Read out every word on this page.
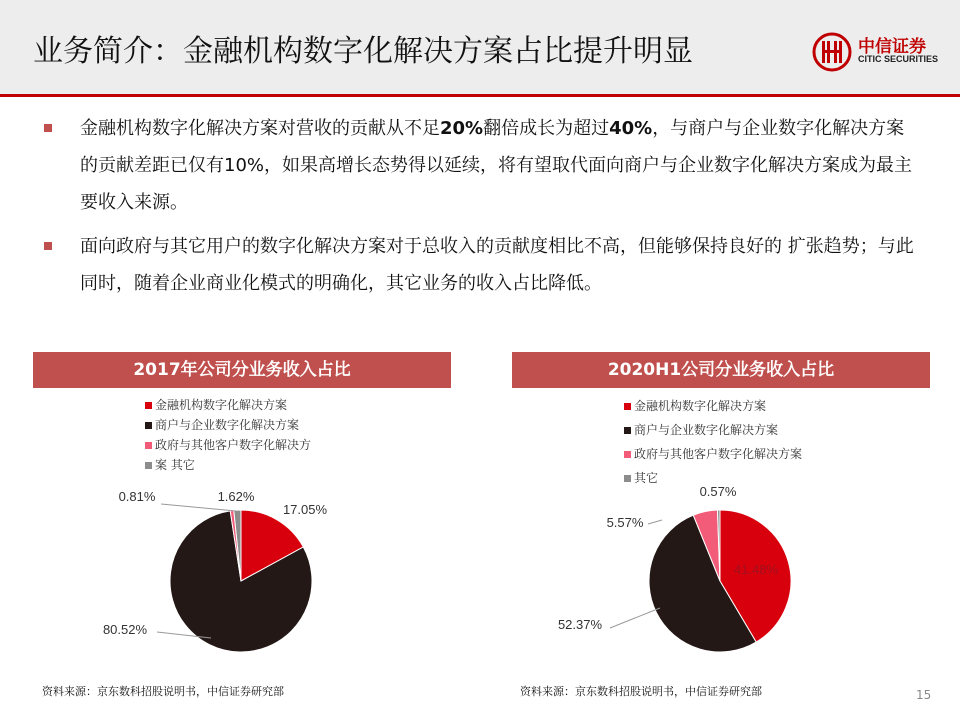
业务简介：金融机构数字化解决方案占比提升明显	中信证券
CITIC SECURITIES
金融机构数字化解决方案对营收的贡献从不足20%翻倍成长为超过40%，与商户与企业数字化解决方案的贡献差距已仅有10%，如果高增长态势得以延续，将有望取代面向商户与企业数字化解决方案成为最主要收入来源。
面向政府与其它用户的数字化解决方案对于总收入的贡献度相比不高，但能够保持良好的 扩张趋势；与此同时，随着企业商业化模式的明确化，其它业务的收入占比降低。
2017年公司分业务收入占比
金融机构数字化解决方案
商户与企业数字化解决方案
政府与其他客户数字化解决方
案 其它
17.05%
80.52%
0.81%	1.62%
2020H1公司分业务收入占比
金融机构数字化解决方案
商户与企业数字化解决方案
政府与其他客户数字化解决方案
其它
41.48%
52.37%
5.57%
0.57%
资料来源：京东数科招股说明书，中信证券研究部	资料来源：京东数科招股说明书，中信证券研究部	15
